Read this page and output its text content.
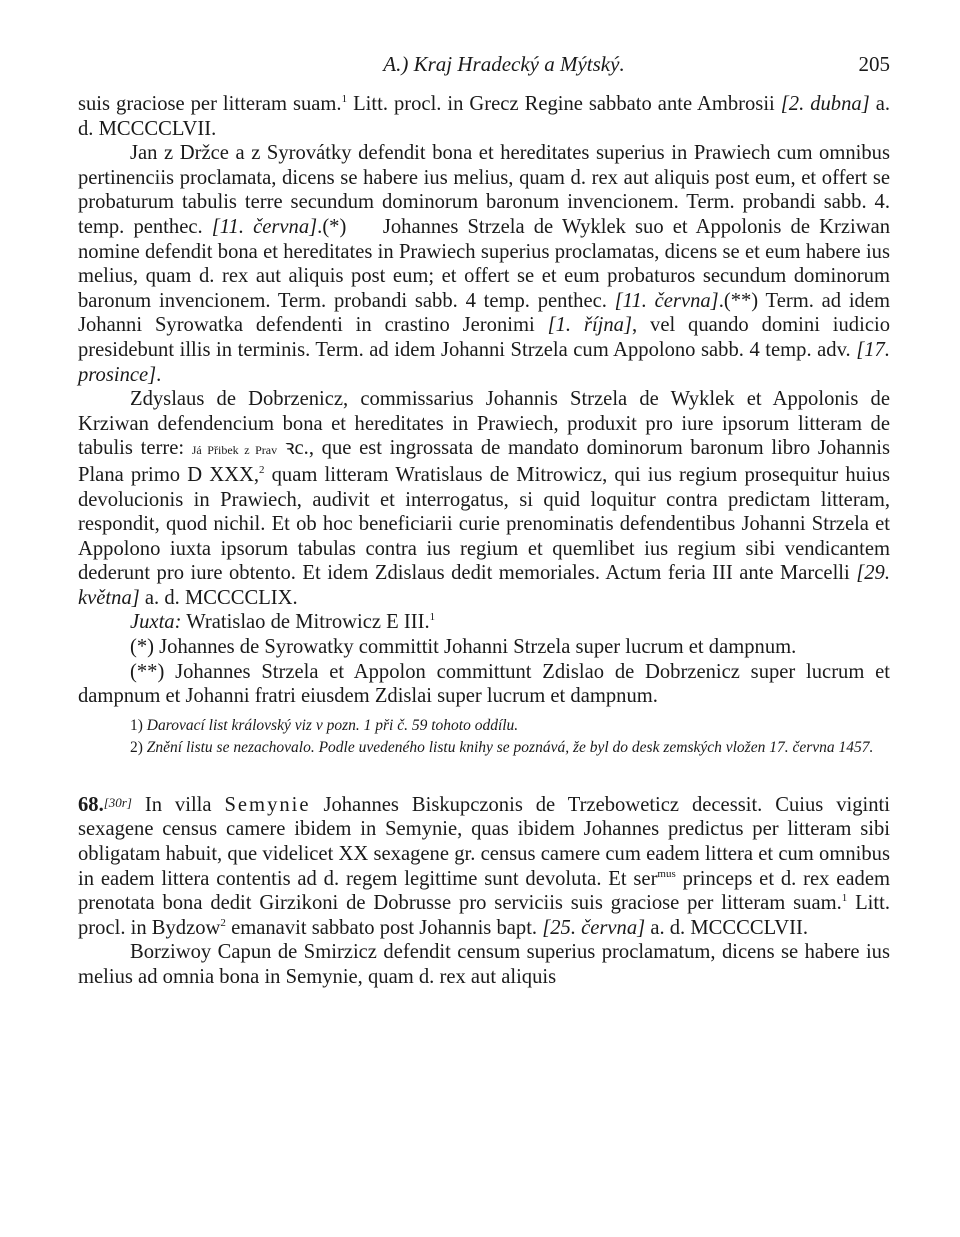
A.) Kraj Hradecký a Mýtský.	205

suis graciose per litteram suam.$^1$ Litt. procl. in Grecz Regine sabbato ante Ambrosii [2. dubna] a. d. MCCCCLVII.

Jan z Držce a z Syrovátky defendit bona et hereditates superius in Prawiech cum omnibus pertinenciis proclamata, dicens se habere ius melius, quam d. rex aut aliquis post eum, et offert se probaturum tabulis terre secundum dominorum baronum invencionem. Term. probandi sabb. 4. temp. penthec. [11. června].(*)    Johannes Strzela de Wyklek suo et Appolonis de Krziwan nomine defendit bona et hereditates in Prawiech superius proclamatas, dicens se et eum habere ius melius, quam d. rex aut aliquis post eum; et offert se et eum probaturos secundum dominorum baronum invencionem. Term. probandi sabb. 4 temp. penthec. [11. června].(**) Term. ad idem Johanni Syrowatka defendenti in crastino Jeronimi [1. října], vel quando domini iudicio presidebunt illis in terminis. Term. ad idem Johanni Strzela cum Appolono sabb. 4 temp. adv. [17. prosince].

Zdyslaus de Dobrzenicz, commissarius Johannis Strzela de Wyklek et Appolonis de Krziwan defendencium bona et hereditates in Prawiech, produxit pro iure ipsorum litteram de tabulis terre: Já Přibek z Prav ꝛc., que est ingrossata de mandato dominorum baronum libro Johannis Plana primo D XXX,$^2$ quam litteram Wratislaus de Mitrowicz, qui ius regium prosequitur huius devolucionis in Prawiech, audivit et interrogatus, si quid loquitur contra predictam litteram, respondit, quod nichil. Et ob hoc beneficiarii curie prenominatis defendentibus Johanni Strzela et Appolono iuxta ipsorum tabulas contra ius regium et quemlibet ius regium sibi vendicantem dederunt pro iure obtento. Et idem Zdislaus dedit memoriales. Actum feria III ante Marcelli [29. května] a. d. MCCCCLIX.

Juxta: Wratislao de Mitrowicz E III.$^1$

(*) Johannes de Syrowatky committit Johanni Strzela super lucrum et dampnum.

(**) Johannes Strzela et Appolon committunt Zdislao de Dobrzenicz super lucrum et dampnum et Johanni fratri eiusdem Zdislai super lucrum et dampnum.

1) Darovací list královský viz v pozn. 1 při č. 59 tohoto oddílu.

2) Znění listu se nezachovalo. Podle uvedeného listu knihy se poznává, že byl do desk zemských vložen 17. června 1457.

68.[30r] In villa Semynie Johannes Biskupczonis de Trzeboweticz decessit. Cuius viginti sexagene census camere ibidem in Semynie, quas ibidem Johannes predictus per litteram sibi obligatam habuit, que videlicet XX sexagene gr. census camere cum eadem littera et cum omnibus in eadem littera contentis ad d. regem legittime sunt devoluta. Et ser$^{mus}$ princeps et d. rex eadem prenotata bona dedit Girzikoni de Dobrusse pro serviciis suis graciose per litteram suam.$^1$ Litt. procl. in Bydzow$^2$ emanavit sabbato post Johannis bapt. [25. června] a. d. MCCCCLVII.

Borziwoy Capun de Smirzicz defendit censum superius proclamatum, dicens se habere ius melius ad omnia bona in Semynie, quam d. rex aut aliquis
